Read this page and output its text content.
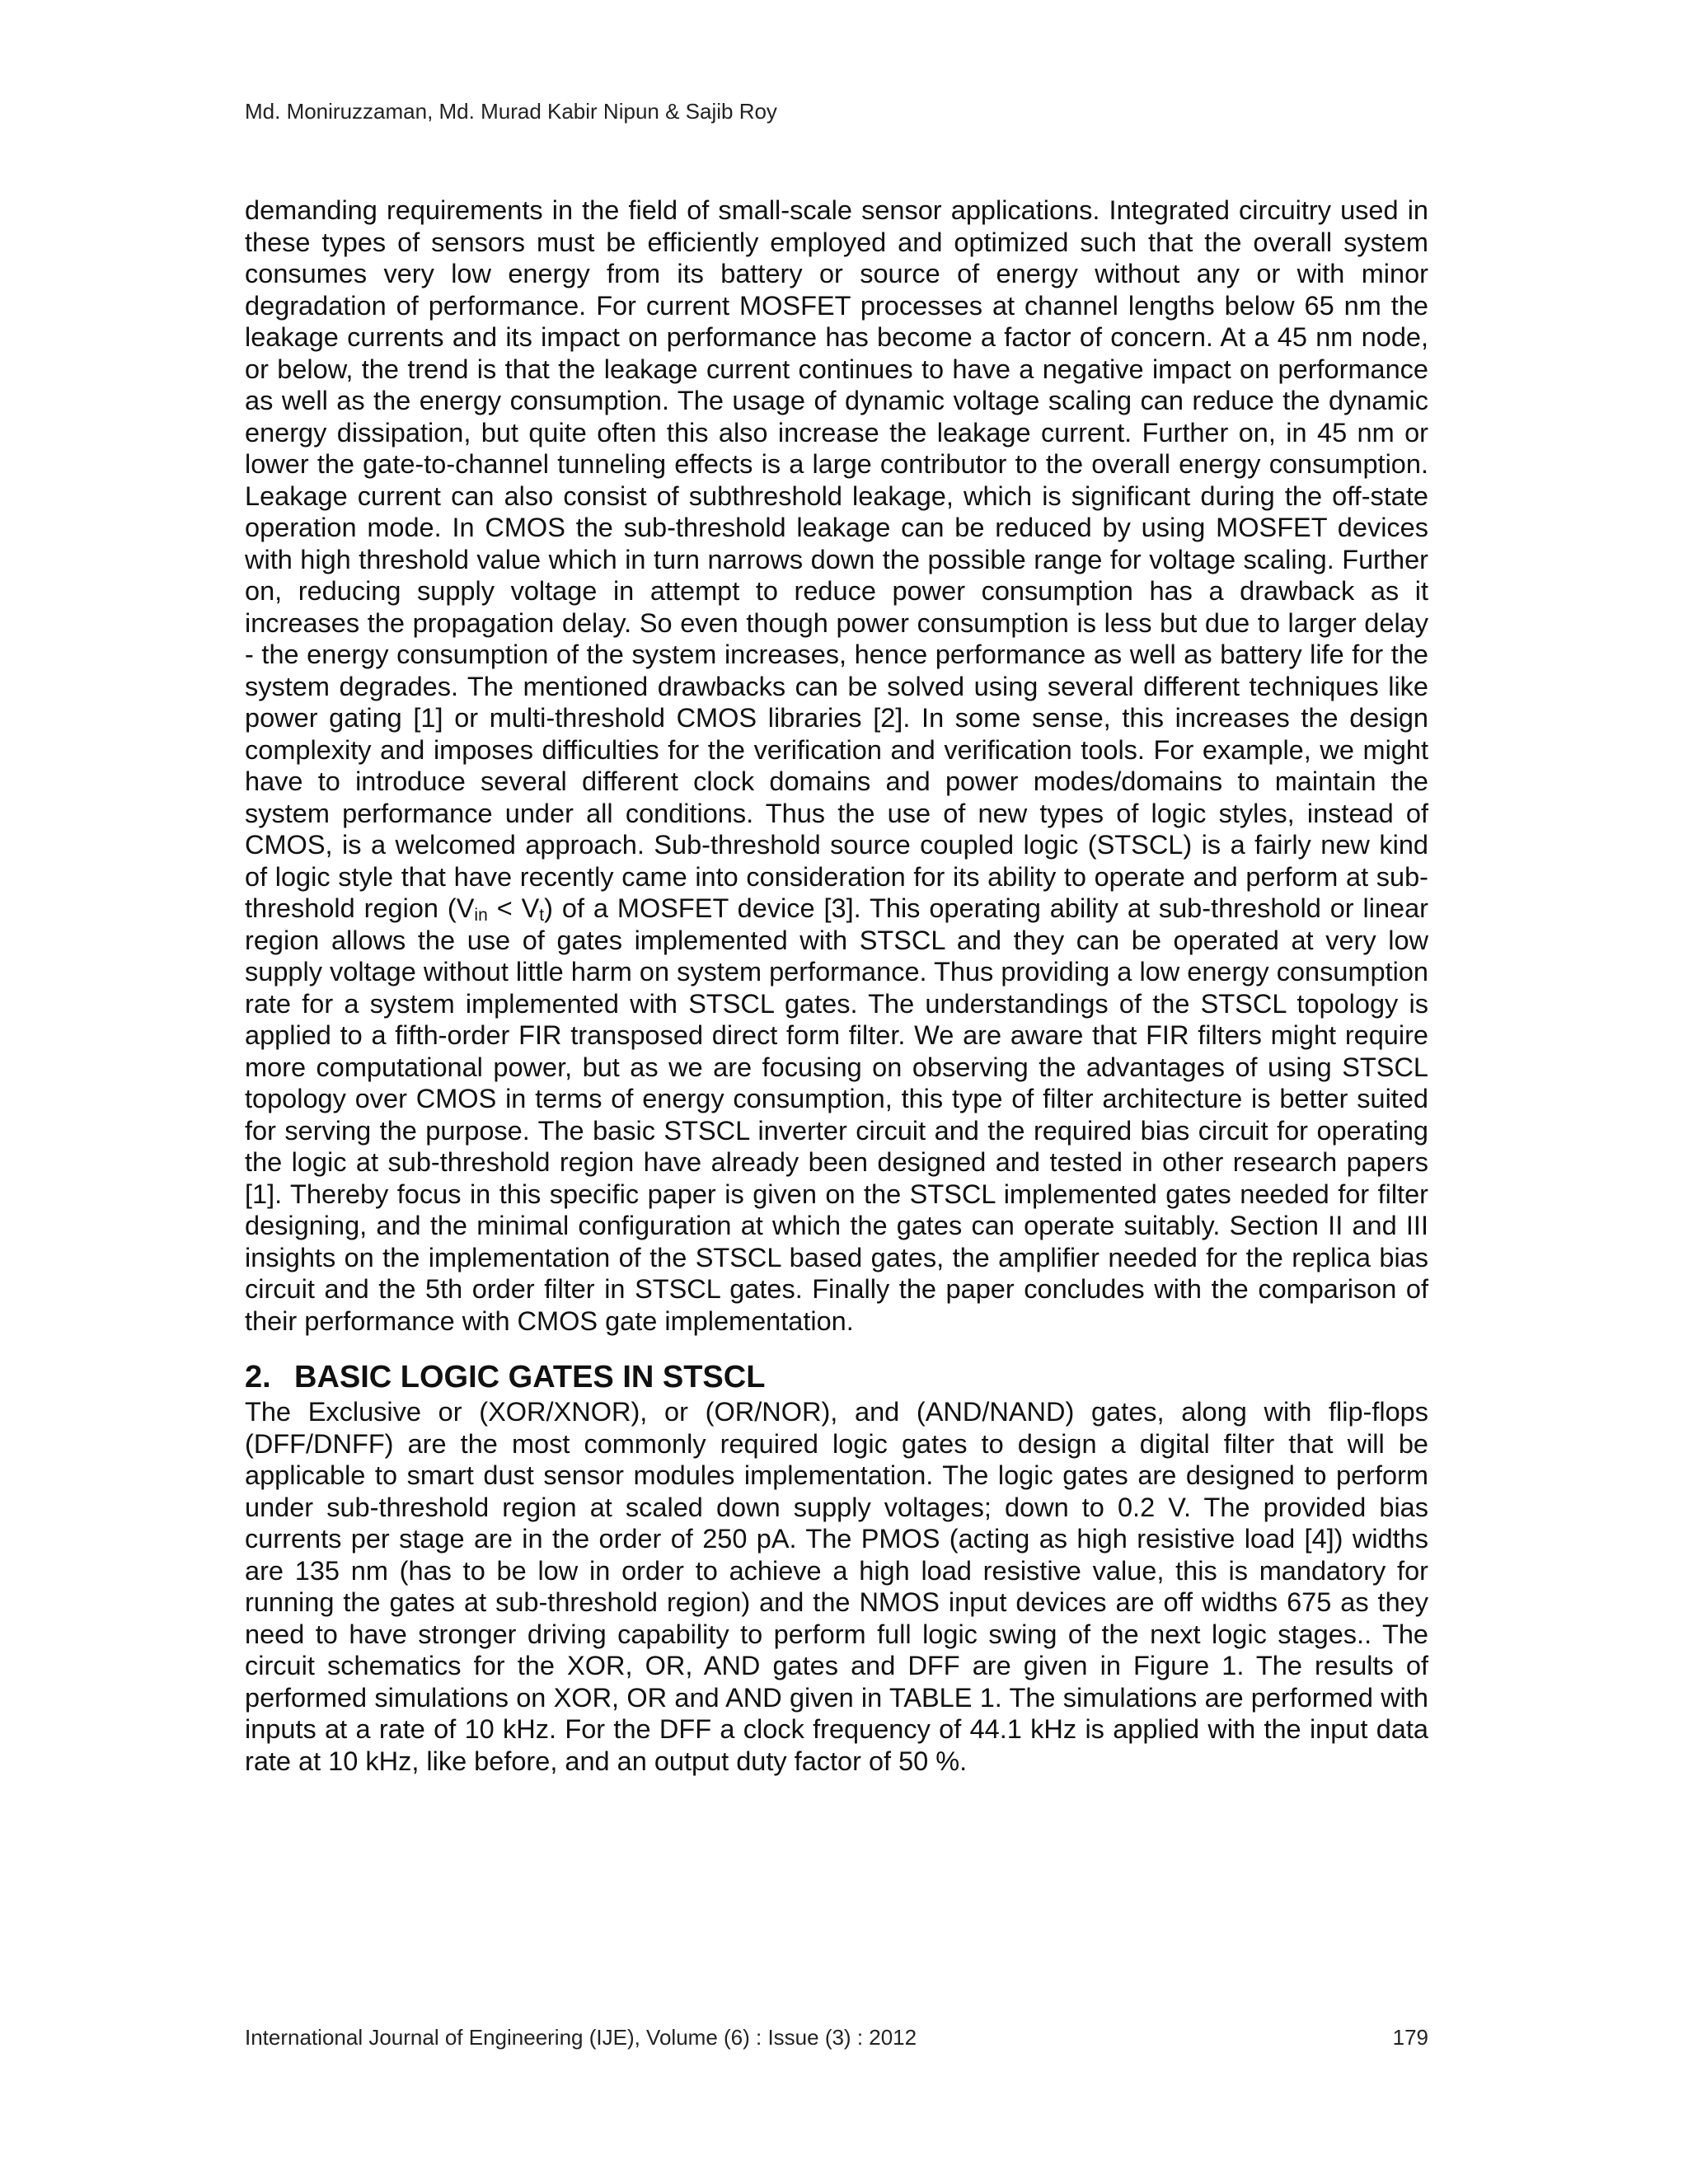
Md. Moniruzzaman, Md. Murad Kabir Nipun & Sajib Roy

demanding requirements in the field of small-scale sensor applications. Integrated circuitry used in these types of sensors must be efficiently employed and optimized such that the overall system consumes very low energy from its battery or source of energy without any or with minor degradation of performance. For current MOSFET processes at channel lengths below 65 nm the leakage currents and its impact on performance has become a factor of concern. At a 45 nm node, or below, the trend is that the leakage current continues to have a negative impact on performance as well as the energy consumption. The usage of dynamic voltage scaling can reduce the dynamic energy dissipation, but quite often this also increase the leakage current. Further on, in 45 nm or lower the gate-to-channel tunneling effects is a large contributor to the overall energy consumption. Leakage current can also consist of subthreshold leakage, which is significant during the off-state operation mode. In CMOS the sub-threshold leakage can be reduced by using MOSFET devices with high threshold value which in turn narrows down the possible range for voltage scaling. Further on, reducing supply voltage in attempt to reduce power consumption has a drawback as it increases the propagation delay. So even though power consumption is less but due to larger delay - the energy consumption of the system increases, hence performance as well as battery life for the system degrades. The mentioned drawbacks can be solved using several different techniques like power gating [1] or multi-threshold CMOS libraries [2]. In some sense, this increases the design complexity and imposes difficulties for the verification and verification tools. For example, we might have to introduce several different clock domains and power modes/domains to maintain the system performance under all conditions. Thus the use of new types of logic styles, instead of CMOS, is a welcomed approach. Sub-threshold source coupled logic (STSCL) is a fairly new kind of logic style that have recently came into consideration for its ability to operate and perform at sub- threshold region $(V_{in} < V_t)$ of a MOSFET device [3]. This operating ability at sub-threshold or linear region allows the use of gates implemented with STSCL and they can be operated at very low supply voltage without little harm on system performance. Thus providing a low energy consumption rate for a system implemented with STSCL gates. The understandings of the STSCL topology is applied to a fifth-order FIR transposed direct form filter. We are aware that FIR filters might require more computational power, but as we are focusing on observing the advantages of using STSCL topology over CMOS in terms of energy consumption, this type of filter architecture is better suited for serving the purpose. The basic STSCL inverter circuit and the required bias circuit for operating the logic at sub-threshold region have already been designed and tested in other research papers [1]. Thereby focus in this specific paper is given on the STSCL implemented gates needed for filter designing, and the minimal configuration at which the gates can operate suitably. Section II and III insights on the implementation of the STSCL based gates, the amplifier needed for the replica bias circuit and the 5th order filter in STSCL gates. Finally the paper concludes with the comparison of their performance with CMOS gate implementation.

2. BASIC LOGIC GATES IN STSCL

The Exclusive or (XOR/XNOR), or (OR/NOR), and (AND/NAND) gates, along with flip-flops (DFF/DNFF) are the most commonly required logic gates to design a digital filter that will be applicable to smart dust sensor modules implementation. The logic gates are designed to perform under sub-threshold region at scaled down supply voltages; down to 0.2 V. The provided bias currents per stage are in the order of 250 pA. The PMOS (acting as high resistive load [4]) widths are 135 nm (has to be low in order to achieve a high load resistive value, this is mandatory for running the gates at sub-threshold region) and the NMOS input devices are off widths 675 as they need to have stronger driving capability to perform full logic swing of the next logic stages.. The circuit schematics for the XOR, OR, AND gates and DFF are given in Figure 1. The results of performed simulations on XOR, OR and AND given in TABLE 1. The simulations are performed with inputs at a rate of 10 kHz. For the DFF a clock frequency of 44.1 kHz is applied with the input data rate at 10 kHz, like before, and an output duty factor of 50 %.

International Journal of Engineering (IJE), Volume (6) : Issue (3) : 2012	179
